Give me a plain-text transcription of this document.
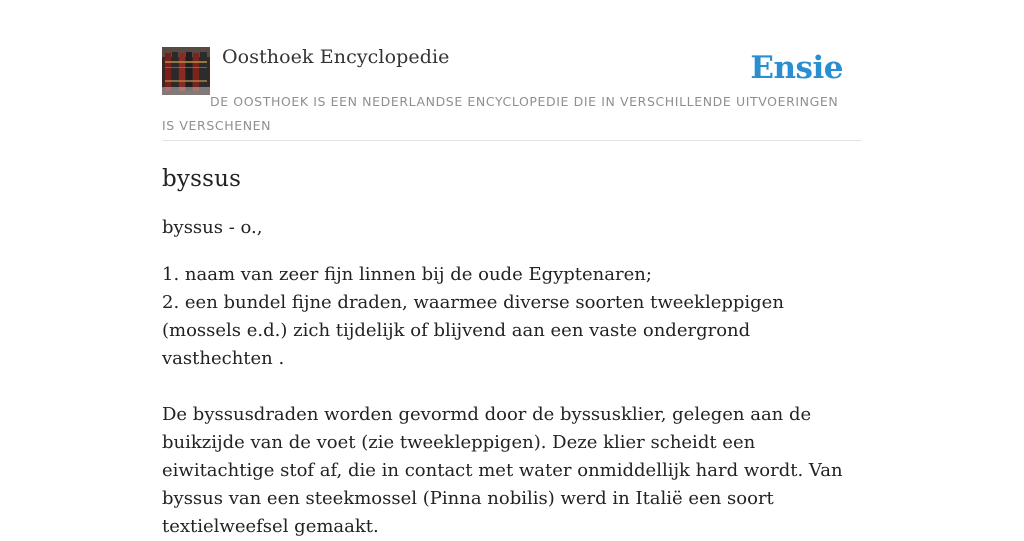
Oosthoek Encyclopedie	Ensie
DE OOSTHOEK IS EEN NEDERLANDSE ENCYCLOPEDIE DIE IN VERSCHILLENDE UITVOERINGEN IS VERSCHENEN
byssus
byssus - o.,
1. naam van zeer fijn linnen bij de oude Egyptenaren;
2. een bundel fijne draden, waarmee diverse soorten tweekleppigen (mossels e.d.) zich tijdelijk of blijvend aan een vaste ondergrond vasthechten .
De byssusdraden worden gevormd door de byssusklier, gelegen aan de buikzijde van de voet (zie tweekleppigen). Deze klier scheidt een eiwitachtige stof af, die in contact met water onmiddellijk hard wordt. Van byssus van een steekmossel (Pinna nobilis) werd in Italië een soort textielweefsel gemaakt.
